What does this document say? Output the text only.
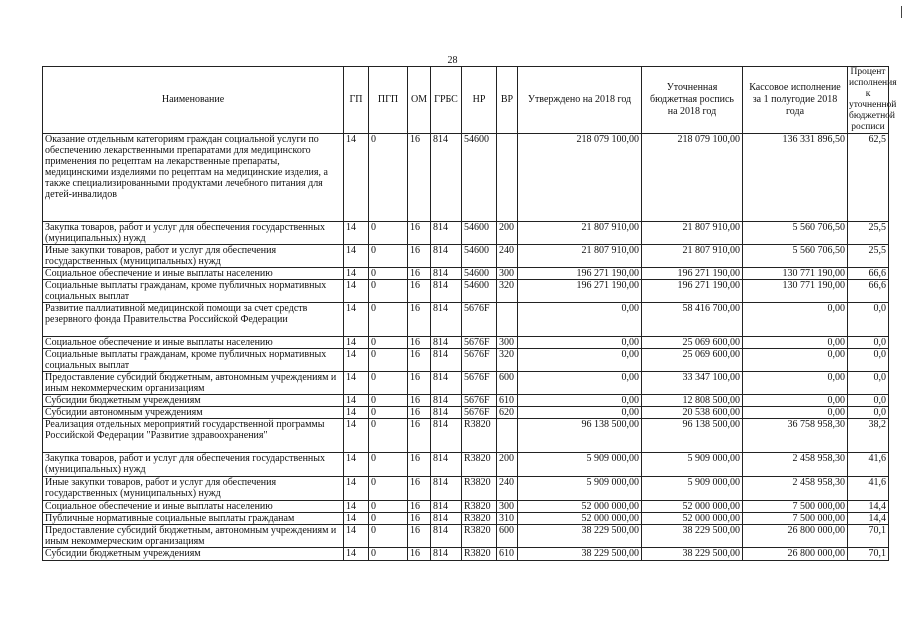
28
Наименование	ГП	ПГП	ОМ	ГРБС	НР	ВР	Утверждено на 2018 год	Уточненная бюджетная роспись на 2018 год	Кассовое исполнение за 1 полугодие 2018 года	Процент исполнения к уточненной бюджетной росписи
Оказание отдельным категориям граждан социальной услуги по обеспечению лекарственными препаратами для медицинского применения по рецептам на лекарственные препараты, медицинскими изделиями по рецептам на медицинские изделия, а также специализированными продуктами лечебного питания для детей-инвалидов	14	0	16	814	54600		218 079 100,00	218 079 100,00	136 331 896,50	62,5
Закупка товаров, работ и услуг для обеспечения государственных (муниципальных) нужд	14	0	16	814	54600	200	21 807 910,00	21 807 910,00	5 560 706,50	25,5
Иные закупки товаров, работ и услуг для обеспечения государственных (муниципальных) нужд	14	0	16	814	54600	240	21 807 910,00	21 807 910,00	5 560 706,50	25,5
Социальное обеспечение и иные выплаты населению	14	0	16	814	54600	300	196 271 190,00	196 271 190,00	130 771 190,00	66,6
Социальные выплаты гражданам, кроме публичных нормативных социальных выплат	14	0	16	814	54600	320	196 271 190,00	196 271 190,00	130 771 190,00	66,6
Развитие паллиативной медицинской помощи за счет средств резервного фонда Правительства Российской Федерации	14	0	16	814	5676F		0,00	58 416 700,00	0,00	0,0
Социальное обеспечение и иные выплаты населению	14	0	16	814	5676F	300	0,00	25 069 600,00	0,00	0,0
Социальные выплаты гражданам, кроме публичных нормативных социальных выплат	14	0	16	814	5676F	320	0,00	25 069 600,00	0,00	0,0
Предоставление субсидий бюджетным, автономным учреждениям и иным некоммерческим организациям	14	0	16	814	5676F	600	0,00	33 347 100,00	0,00	0,0
Субсидии бюджетным учреждениям	14	0	16	814	5676F	610	0,00	12 808 500,00	0,00	0,0
Субсидии автономным учреждениям	14	0	16	814	5676F	620	0,00	20 538 600,00	0,00	0,0
Реализация отдельных мероприятий государственной программы Российской Федерации "Развитие здравоохранения"	14	0	16	814	R3820		96 138 500,00	96 138 500,00	36 758 958,30	38,2
Закупка товаров, работ и услуг для обеспечения государственных (муниципальных) нужд	14	0	16	814	R3820	200	5 909 000,00	5 909 000,00	2 458 958,30	41,6
Иные закупки товаров, работ и услуг для обеспечения государственных (муниципальных) нужд	14	0	16	814	R3820	240	5 909 000,00	5 909 000,00	2 458 958,30	41,6
Социальное обеспечение и иные выплаты населению	14	0	16	814	R3820	300	52 000 000,00	52 000 000,00	7 500 000,00	14,4
Публичные нормативные социальные выплаты гражданам	14	0	16	814	R3820	310	52 000 000,00	52 000 000,00	7 500 000,00	14,4
Предоставление субсидий бюджетным, автономным учреждениям и иным некоммерческим организациям	14	0	16	814	R3820	600	38 229 500,00	38 229 500,00	26 800 000,00	70,1
Субсидии бюджетным учреждениям	14	0	16	814	R3820	610	38 229 500,00	38 229 500,00	26 800 000,00	70,1
